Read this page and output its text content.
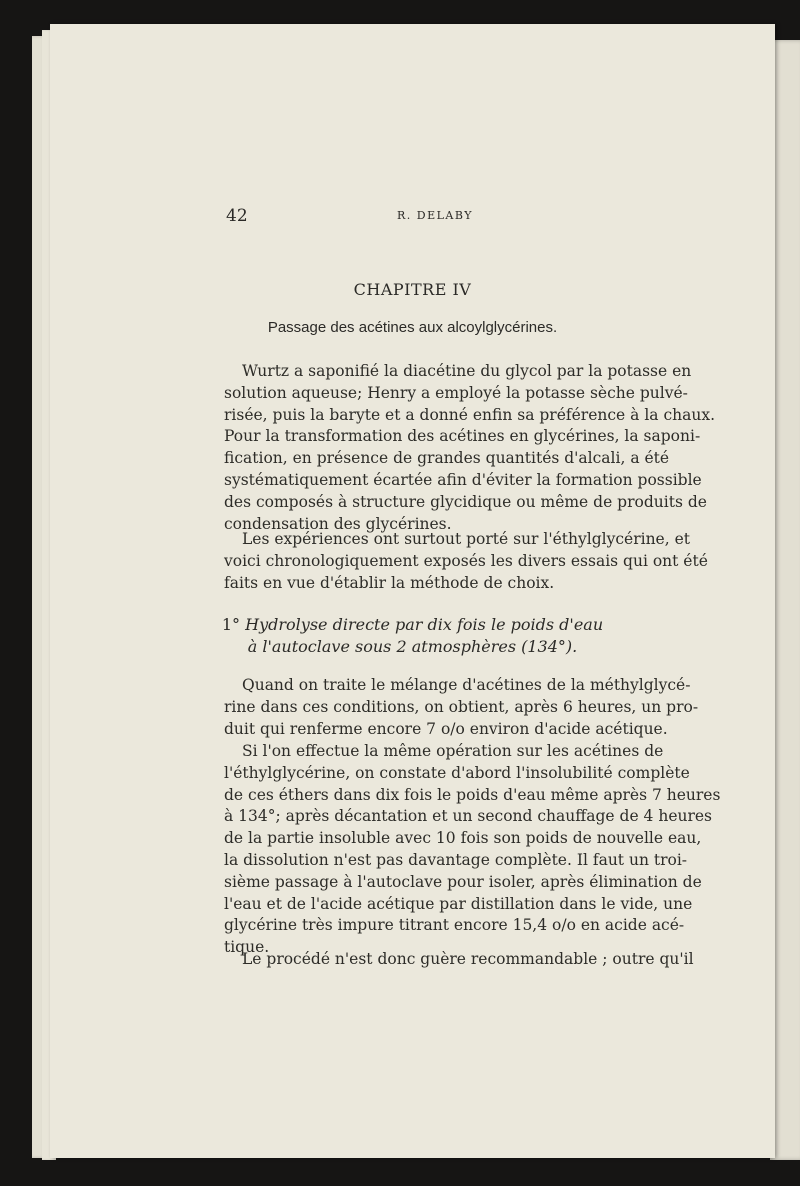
42	R. DELABY
CHAPITRE IV
Passage des acétines aux alcoylglycérines.
Wurtz a saponifié la diacétine du glycol par la potasse en
solution aqueuse; Henry a employé la potasse sèche pulvé-
risée, puis la baryte et a donné enfin sa préférence à la chaux.
Pour la transformation des acétines en glycérines, la saponi-
fication, en présence de grandes quantités d'alcali, a été
systématiquement écartée afin d'éviter la formation possible
des composés à structure glycidique ou même de produits de
condensation des glycérines.
Les expériences ont surtout porté sur l'éthylglycérine, et
voici chronologiquement exposés les divers essais qui ont été
faits en vue d'établir la méthode de choix.
1° Hydrolyse directe par dix fois le poids d'eau
à l'autoclave sous 2 atmosphères (134°).
Quand on traite le mélange d'acétines de la méthylglycé-
rine dans ces conditions, on obtient, après 6 heures, un pro-
duit qui renferme encore 7 o/o environ d'acide acétique.
Si l'on effectue la même opération sur les acétines de
l'éthylglycérine, on constate d'abord l'insolubilité complète
de ces éthers dans dix fois le poids d'eau même après 7 heures
à 134°; après décantation et un second chauffage de 4 heures
de la partie insoluble avec 10 fois son poids de nouvelle eau,
la dissolution n'est pas davantage complète. Il faut un troi-
sième passage à l'autoclave pour isoler, après élimination de
l'eau et de l'acide acétique par distillation dans le vide, une
glycérine très impure titrant encore 15,4 o/o en acide acé-
tique.
Le procédé n'est donc guère recommandable ; outre qu'il
